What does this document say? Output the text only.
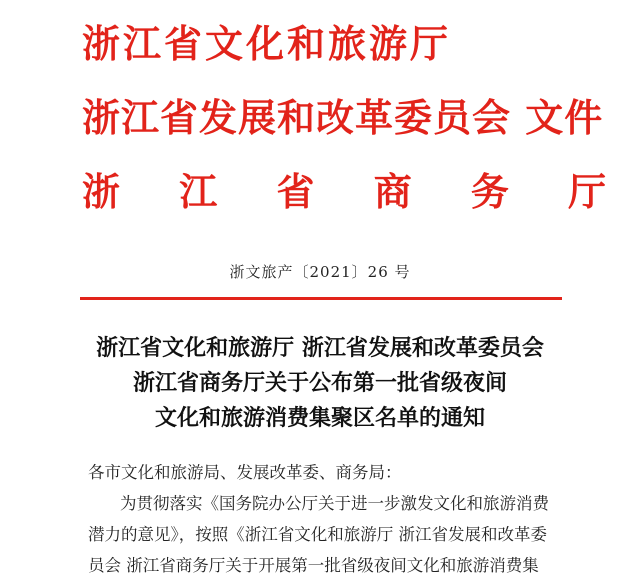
浙江省文化和旅游厅
浙江省发展和改革委员会 文件
浙 江 省 商 务 厅
浙文旅产〔2021〕26 号
浙江省文化和旅游厅 浙江省发展和改革委员会
浙江省商务厅关于公布第一批省级夜间
文化和旅游消费集聚区名单的通知
各市文化和旅游局、发展改革委、商务局：
为贯彻落实《国务院办公厅关于进一步激发文化和旅游消费
潜力的意见》，按照《浙江省文化和旅游厅 浙江省发展和改革委
员会 浙江省商务厅关于开展第一批省级夜间文化和旅游消费集
